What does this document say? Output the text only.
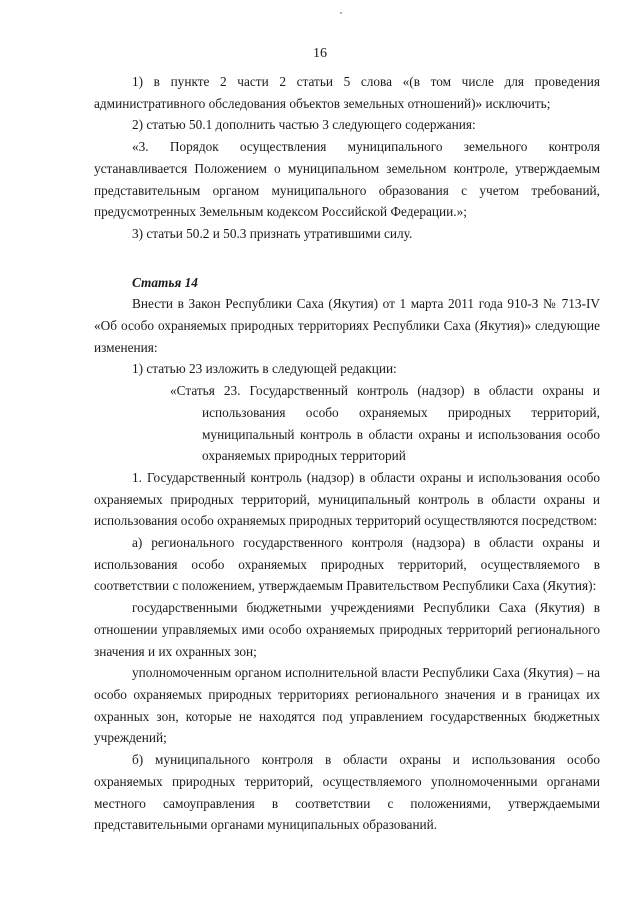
16

1) в пункте 2 части 2 статьи 5 слова «(в том числе для проведения административного обследования объектов земельных отношений)» исключить;

2) статью 50.1 дополнить частью 3 следующего содержания:

«3. Порядок осуществления муниципального земельного контроля устанавливается Положением о муниципальном земельном контроле, утверждаемым представительным органом муниципального образования с учетом требований, предусмотренных Земельным кодексом Российской Федерации.»;

3) статьи 50.2 и 50.3 признать утратившими силу.

Статья 14

Внести в Закон Республики Саха (Якутия) от 1 марта 2011 года 910-З № 713-IV «Об особо охраняемых природных территориях Республики Саха (Якутия)» следующие изменения:

1) статью 23 изложить в следующей редакции:

«Статья 23. Государственный контроль (надзор) в области охраны и использования особо охраняемых природных территорий, муниципальный контроль в области охраны и использования особо охраняемых природных территорий

1. Государственный контроль (надзор) в области охраны и использования особо охраняемых природных территорий, муниципальный контроль в области охраны и использования особо охраняемых природных территорий осуществляются посредством:

а) регионального государственного контроля (надзора) в области охраны и использования особо охраняемых природных территорий, осуществляемого в соответствии с положением, утверждаемым Правительством Республики Саха (Якутия):

государственными бюджетными учреждениями Республики Саха (Якутия) в отношении управляемых ими особо охраняемых природных территорий регионального значения и их охранных зон;

уполномоченным органом исполнительной власти Республики Саха (Якутия) – на особо охраняемых природных территориях регионального значения и в границах их охранных зон, которые не находятся под управлением государственных бюджетных учреждений;

б) муниципального контроля в области охраны и использования особо охраняемых природных территорий, осуществляемого уполномоченными органами местного самоуправления в соответствии с положениями, утверждаемыми представительными органами муниципальных образований.
